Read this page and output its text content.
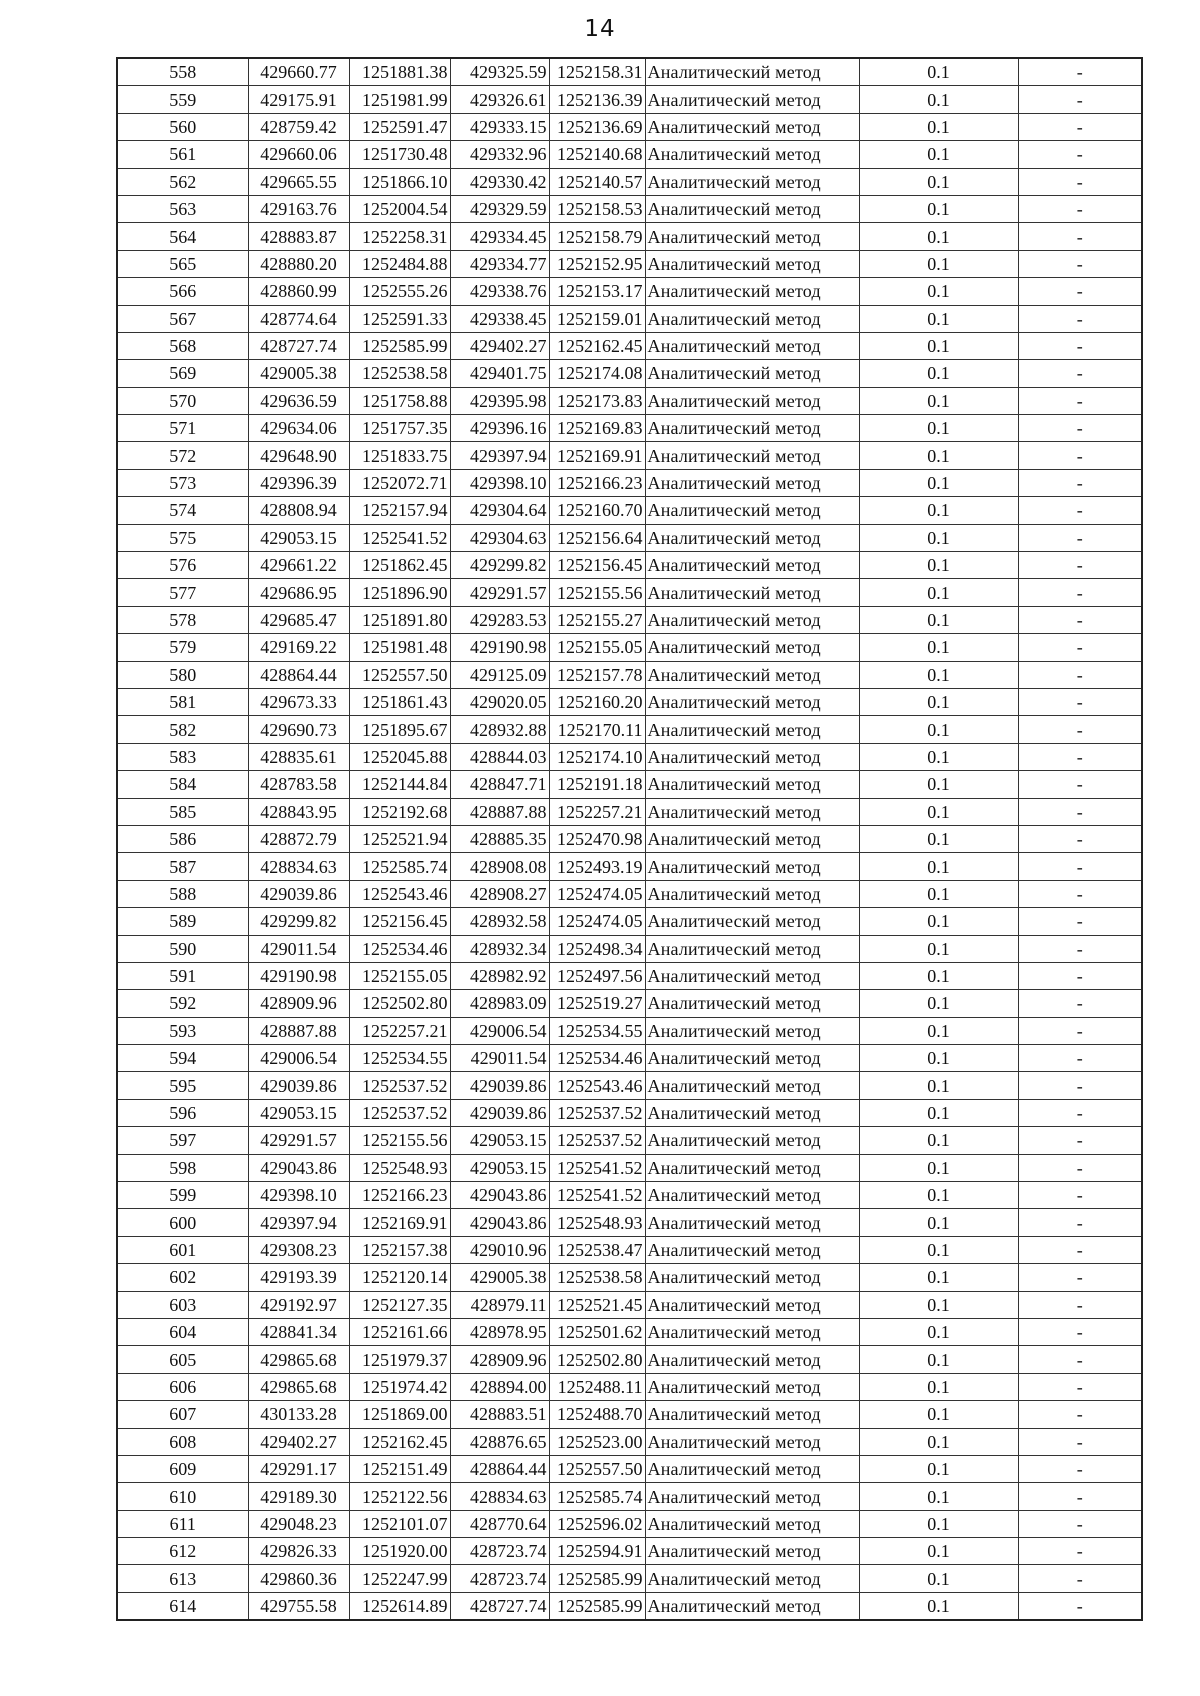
14
558	429660.77	1251881.38	429325.59	1252158.31	Аналитический метод	0.1	-
559	429175.91	1251981.99	429326.61	1252136.39	Аналитический метод	0.1	-
560	428759.42	1252591.47	429333.15	1252136.69	Аналитический метод	0.1	-
561	429660.06	1251730.48	429332.96	1252140.68	Аналитический метод	0.1	-
562	429665.55	1251866.10	429330.42	1252140.57	Аналитический метод	0.1	-
563	429163.76	1252004.54	429329.59	1252158.53	Аналитический метод	0.1	-
564	428883.87	1252258.31	429334.45	1252158.79	Аналитический метод	0.1	-
565	428880.20	1252484.88	429334.77	1252152.95	Аналитический метод	0.1	-
566	428860.99	1252555.26	429338.76	1252153.17	Аналитический метод	0.1	-
567	428774.64	1252591.33	429338.45	1252159.01	Аналитический метод	0.1	-
568	428727.74	1252585.99	429402.27	1252162.45	Аналитический метод	0.1	-
569	429005.38	1252538.58	429401.75	1252174.08	Аналитический метод	0.1	-
570	429636.59	1251758.88	429395.98	1252173.83	Аналитический метод	0.1	-
571	429634.06	1251757.35	429396.16	1252169.83	Аналитический метод	0.1	-
572	429648.90	1251833.75	429397.94	1252169.91	Аналитический метод	0.1	-
573	429396.39	1252072.71	429398.10	1252166.23	Аналитический метод	0.1	-
574	428808.94	1252157.94	429304.64	1252160.70	Аналитический метод	0.1	-
575	429053.15	1252541.52	429304.63	1252156.64	Аналитический метод	0.1	-
576	429661.22	1251862.45	429299.82	1252156.45	Аналитический метод	0.1	-
577	429686.95	1251896.90	429291.57	1252155.56	Аналитический метод	0.1	-
578	429685.47	1251891.80	429283.53	1252155.27	Аналитический метод	0.1	-
579	429169.22	1251981.48	429190.98	1252155.05	Аналитический метод	0.1	-
580	428864.44	1252557.50	429125.09	1252157.78	Аналитический метод	0.1	-
581	429673.33	1251861.43	429020.05	1252160.20	Аналитический метод	0.1	-
582	429690.73	1251895.67	428932.88	1252170.11	Аналитический метод	0.1	-
583	428835.61	1252045.88	428844.03	1252174.10	Аналитический метод	0.1	-
584	428783.58	1252144.84	428847.71	1252191.18	Аналитический метод	0.1	-
585	428843.95	1252192.68	428887.88	1252257.21	Аналитический метод	0.1	-
586	428872.79	1252521.94	428885.35	1252470.98	Аналитический метод	0.1	-
587	428834.63	1252585.74	428908.08	1252493.19	Аналитический метод	0.1	-
588	429039.86	1252543.46	428908.27	1252474.05	Аналитический метод	0.1	-
589	429299.82	1252156.45	428932.58	1252474.05	Аналитический метод	0.1	-
590	429011.54	1252534.46	428932.34	1252498.34	Аналитический метод	0.1	-
591	429190.98	1252155.05	428982.92	1252497.56	Аналитический метод	0.1	-
592	428909.96	1252502.80	428983.09	1252519.27	Аналитический метод	0.1	-
593	428887.88	1252257.21	429006.54	1252534.55	Аналитический метод	0.1	-
594	429006.54	1252534.55	429011.54	1252534.46	Аналитический метод	0.1	-
595	429039.86	1252537.52	429039.86	1252543.46	Аналитический метод	0.1	-
596	429053.15	1252537.52	429039.86	1252537.52	Аналитический метод	0.1	-
597	429291.57	1252155.56	429053.15	1252537.52	Аналитический метод	0.1	-
598	429043.86	1252548.93	429053.15	1252541.52	Аналитический метод	0.1	-
599	429398.10	1252166.23	429043.86	1252541.52	Аналитический метод	0.1	-
600	429397.94	1252169.91	429043.86	1252548.93	Аналитический метод	0.1	-
601	429308.23	1252157.38	429010.96	1252538.47	Аналитический метод	0.1	-
602	429193.39	1252120.14	429005.38	1252538.58	Аналитический метод	0.1	-
603	429192.97	1252127.35	428979.11	1252521.45	Аналитический метод	0.1	-
604	428841.34	1252161.66	428978.95	1252501.62	Аналитический метод	0.1	-
605	429865.68	1251979.37	428909.96	1252502.80	Аналитический метод	0.1	-
606	429865.68	1251974.42	428894.00	1252488.11	Аналитический метод	0.1	-
607	430133.28	1251869.00	428883.51	1252488.70	Аналитический метод	0.1	-
608	429402.27	1252162.45	428876.65	1252523.00	Аналитический метод	0.1	-
609	429291.17	1252151.49	428864.44	1252557.50	Аналитический метод	0.1	-
610	429189.30	1252122.56	428834.63	1252585.74	Аналитический метод	0.1	-
611	429048.23	1252101.07	428770.64	1252596.02	Аналитический метод	0.1	-
612	429826.33	1251920.00	428723.74	1252594.91	Аналитический метод	0.1	-
613	429860.36	1252247.99	428723.74	1252585.99	Аналитический метод	0.1	-
614	429755.58	1252614.89	428727.74	1252585.99	Аналитический метод	0.1	-
